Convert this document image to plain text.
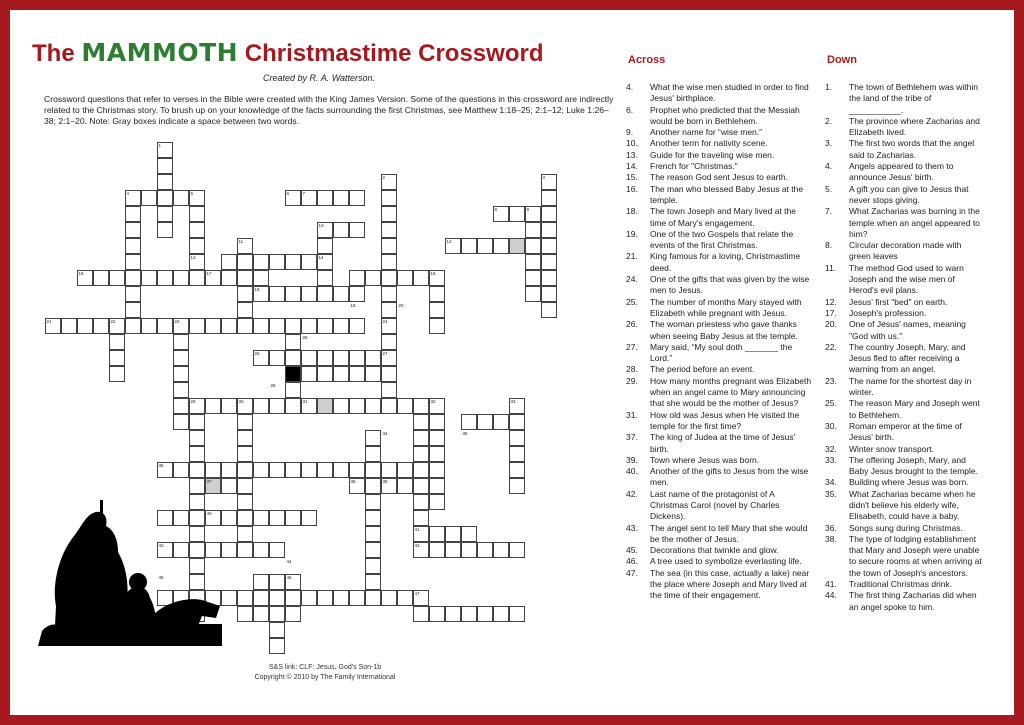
The MAMMOTH Christmastime Crossword
Created by R. A. Watterson.
Crossword questions that refer to verses in the Bible were created with the King James Version. Some of the questions in this crossword are indirectly related to the Christmas story. To brush up on your knowledge of the facts surrounding the first Christmas, see Matthew 1:18–25; 2:1–12; Luke 1:26–38; 2:1–20. Note: Gray boxes indicate a space between two words.
1
2	3
4	5	6	7
8	9
10
11	12
13	14
15
16	17
18
19	20
21	22	23	24
25
26	27
28
29	30	31	32	33
34	35
36
37	38	39
40
41
42	43
44
45	46
47
S&S link: CLF: Jesus, God's Son-1b
Copyright © 2010 by The Family International
Across	Down
4.	What the wise men studied in order to find Jesus' birthplace.
6.	Prophet who predicted that the Messiah would be born in Bethlehem.
9.	Another name for “wise men.”
10.	Another term for nativity scene.
13.	Guide for the traveling wise men.
14.	French for "Christmas."
15.	The reason God sent Jesus to earth.
16.	The man who blessed Baby Jesus at the temple.
18.	The town Joseph and Mary lived at the time of Mary's engagement.
19.	One of the two Gospels that relate the events of the first Christmas.
21.	King famous for a loving, Christmastime deed.
24.	One of the gifts that was given by the wise men to Jesus.
25.	The number of months Mary stayed with Elizabeth while pregnant with Jesus.
26.	The woman priestess who gave thanks when seeing Baby Jesus at the temple.
27.	Mary said, “My soul doth _______ the Lord.”
28.	The period before an event.
29.	How many months pregnant was Elizabeth when an angel came to Mary announcing that she would be the mother of Jesus?
31.	How old was Jesus when He visited the temple for the first time?
37.	The king of Judea at the time of Jesus' birth.
39.	Town where Jesus was born.
40.	Another of the gifts to Jesus from the wise men.
42.	Last name of the protagonist of A Christmas Carol (novel by Charles Dickens).
43.	The angel sent to tell Mary that she would be the mother of Jesus.
45.	Decorations that twinkle and glow.
46.	A tree used to symbolize everlasting life.
47.	The sea (in this case, actually a lake) near the place where Joseph and Mary lived at the time of their engagement.
1.	The town of Bethlehem was within the land of the tribe of ___________.
2.	The province where Zacharias and Elizabeth lived.
3.	The first two words that the angel said to Zacharias.
4.	Angels appeared to them to announce Jesus' birth.
5.	A gift you can give to Jesus that never stops giving.
7.	What Zacharias was burning in the temple when an angel appeared to him?
8.	Circular decoration made with green leaves
11.	The method God used to warn Joseph and the wise men of Herod's evil plans.
12.	Jesus' first "bed" on earth.
17.	Joseph's profession.
20.	One of Jesus' names, meaning "God with us."
22.	The country Joseph, Mary, and Jesus fled to after receiving a warning from an angel.
23.	The name for the shortest day in winter.
25.	The reason Mary and Joseph went to Bethlehem.
30.	Roman emperor at the time of Jesus' birth.
32.	Winter snow transport.
33.	The offering Joseph, Mary, and Baby Jesus brought to the temple.
34.	Building where Jesus was born.
35.	What Zacharias became when he didn't believe his elderly wife, Elisabeth, could have a baby.
36.	Songs sung during Christmas.
38.	The type of lodging establishment that Mary and Joseph were unable to secure rooms at when arriving at the town of Joseph's ancestors.
41.	Traditional Christmas drink.
44.	The first thing Zacharias did when an angel spoke to him.
